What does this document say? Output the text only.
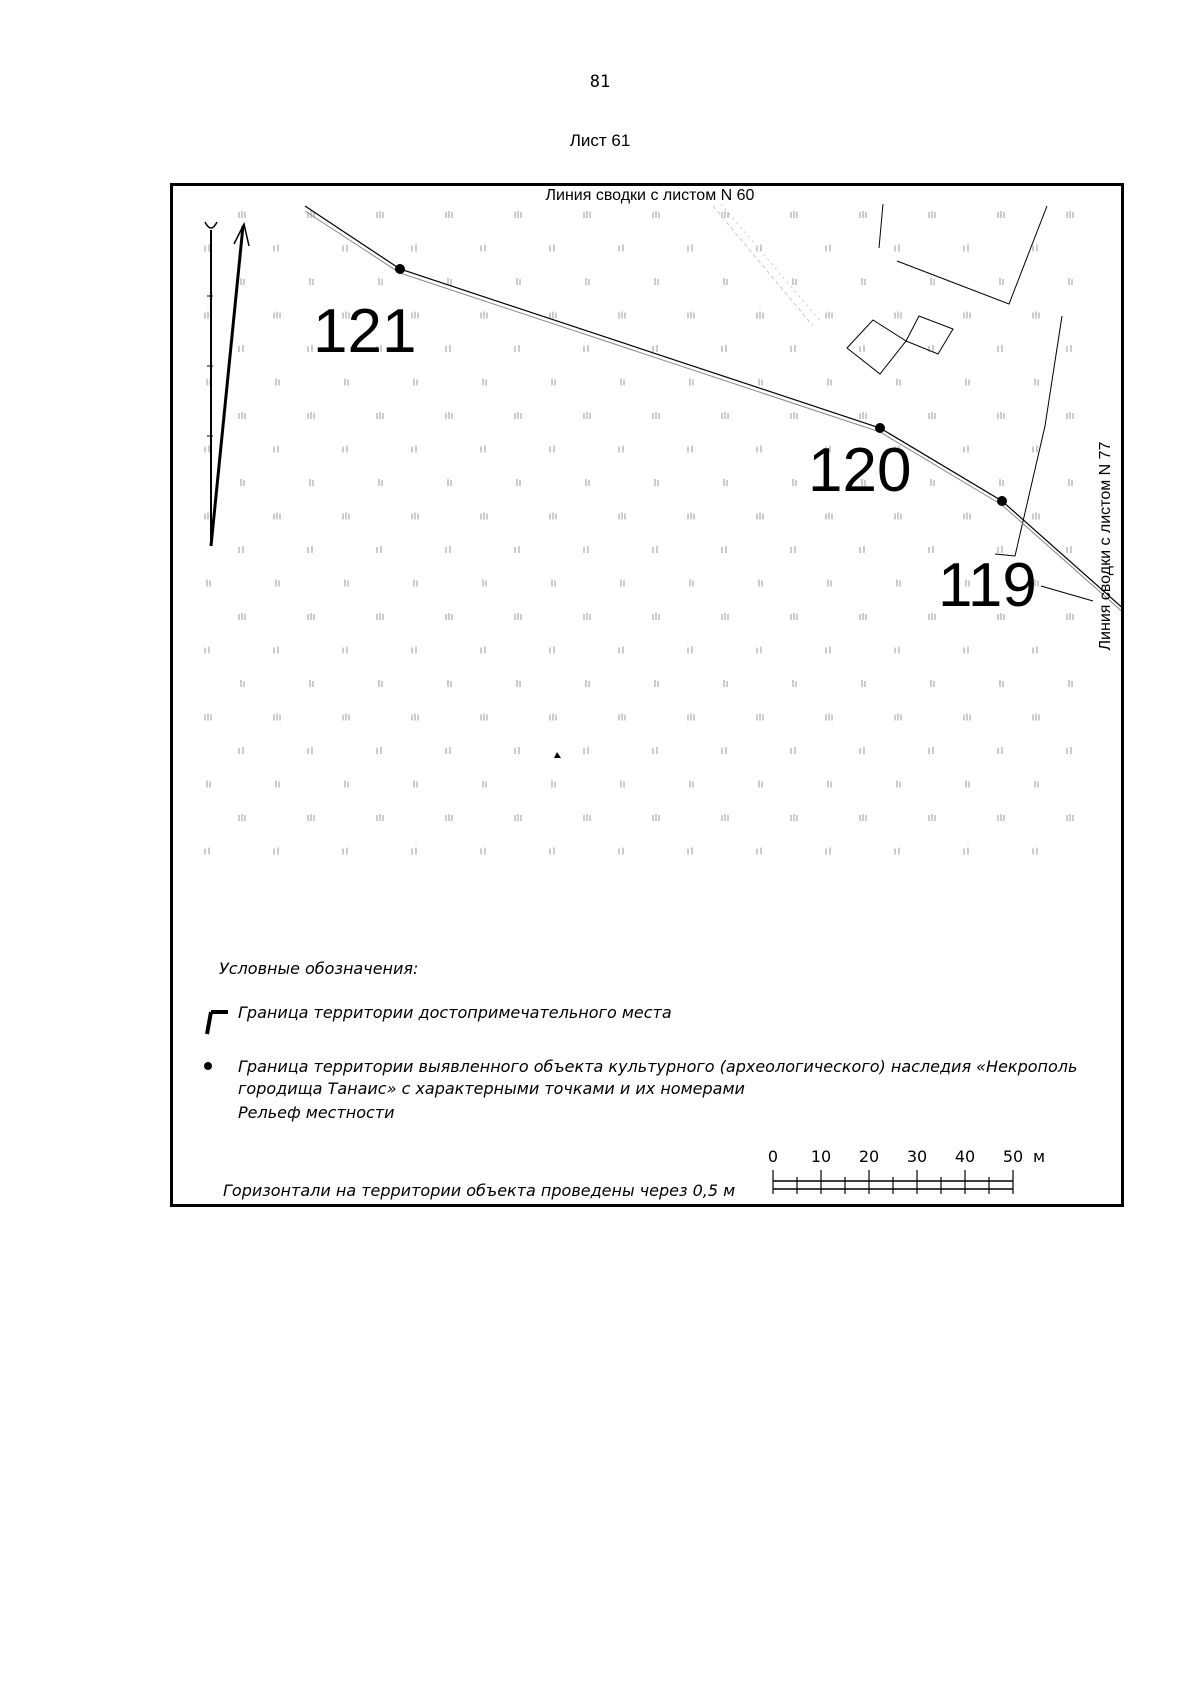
81
Лист 61
121
120
119
Линия сводки с листом N 60
Линия сводки с листом N 77
Условные обозначения:
Граница территории достопримечательного места
Граница территории выявленного объекта культурного (археологического) наследия «Некрополь
городища Танаис» с характерными точками и их номерами
Рельеф местности
Горизонтали на территории объекта проведены через 0,5 м
0 10 20 30 40 50 м
